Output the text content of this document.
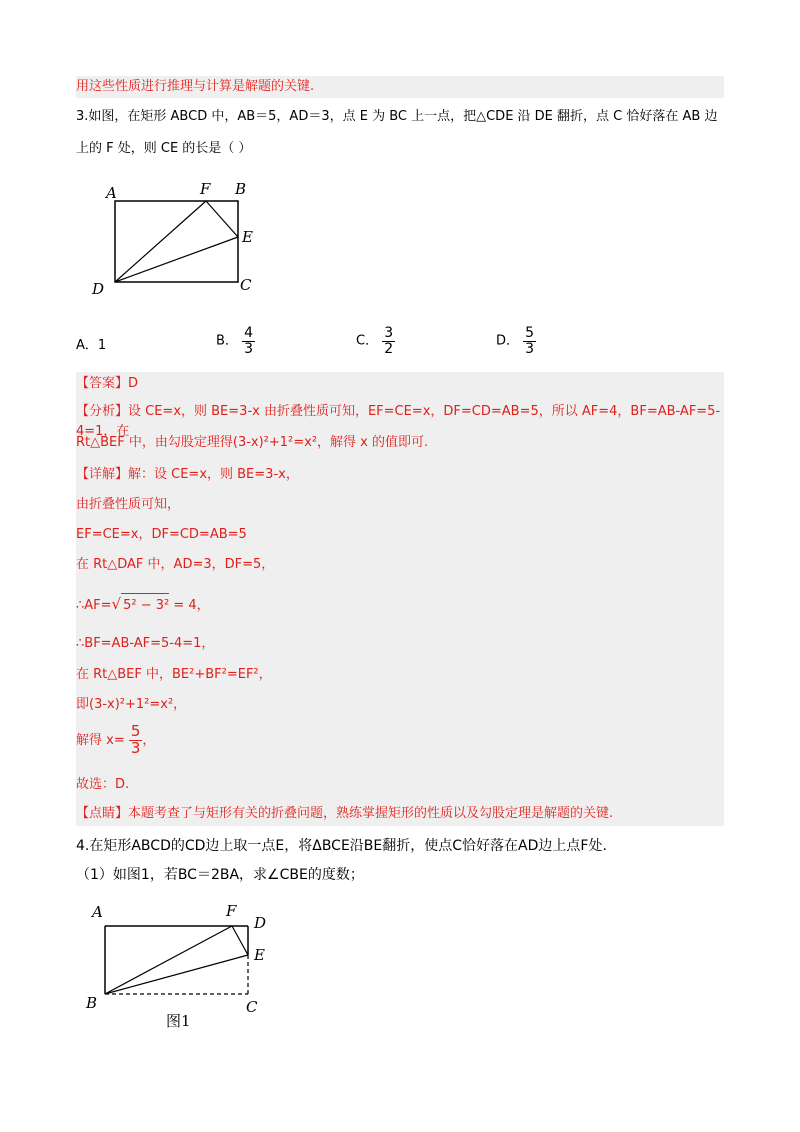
用这些性质进行推理与计算是解题的关键.
3.如图，在矩形 ABCD 中，AB＝5，AD＝3，点 E 为 BC 上一点，把△CDE 沿 DE 翻折，点 C 恰好落在 AB 边
上的 F 处，则 CE 的长是（ ）
A	F B
E
D	C
A．1	B． $\frac{4}{3}$	C． $\frac{3}{2}$	D． $\frac{5}{3}$
【答案】D
【分析】设 CE=x，则 BE=3-x 由折叠性质可知，EF=CE=x，DF=CD=AB=5，所以 AF=4，BF=AB-AF=5-4=1，在
Rt△BEF 中，由勾股定理得(3-x)²+1²=x²，解得 x 的值即可.
【详解】解：设 CE=x，则 BE=3-x，
由折叠性质可知，
EF=CE=x，DF=CD=AB=5
在 Rt△DAF 中，AD=3，DF=5，
∴AF=√ 5² − 3² = 4，
∴BF=AB-AF=5-4=1，
在 Rt△BEF 中，BE²+BF²=EF²，
即(3-x)²+1²=x²，
解得 $x= \frac{5}{3}$ ，
故选：D.
【点睛】本题考查了与矩形有关的折叠问题，熟练掌握矩形的性质以及勾股定理是解题的关键.
4.在矩形ABCD的CD边上取一点E，将ΔBCE沿BE翻折，使点C恰好落在AD边上点F处.
（1）如图1，若BC＝2BA，求∠CBE的度数；
A	F
D
E
B	C
图1
